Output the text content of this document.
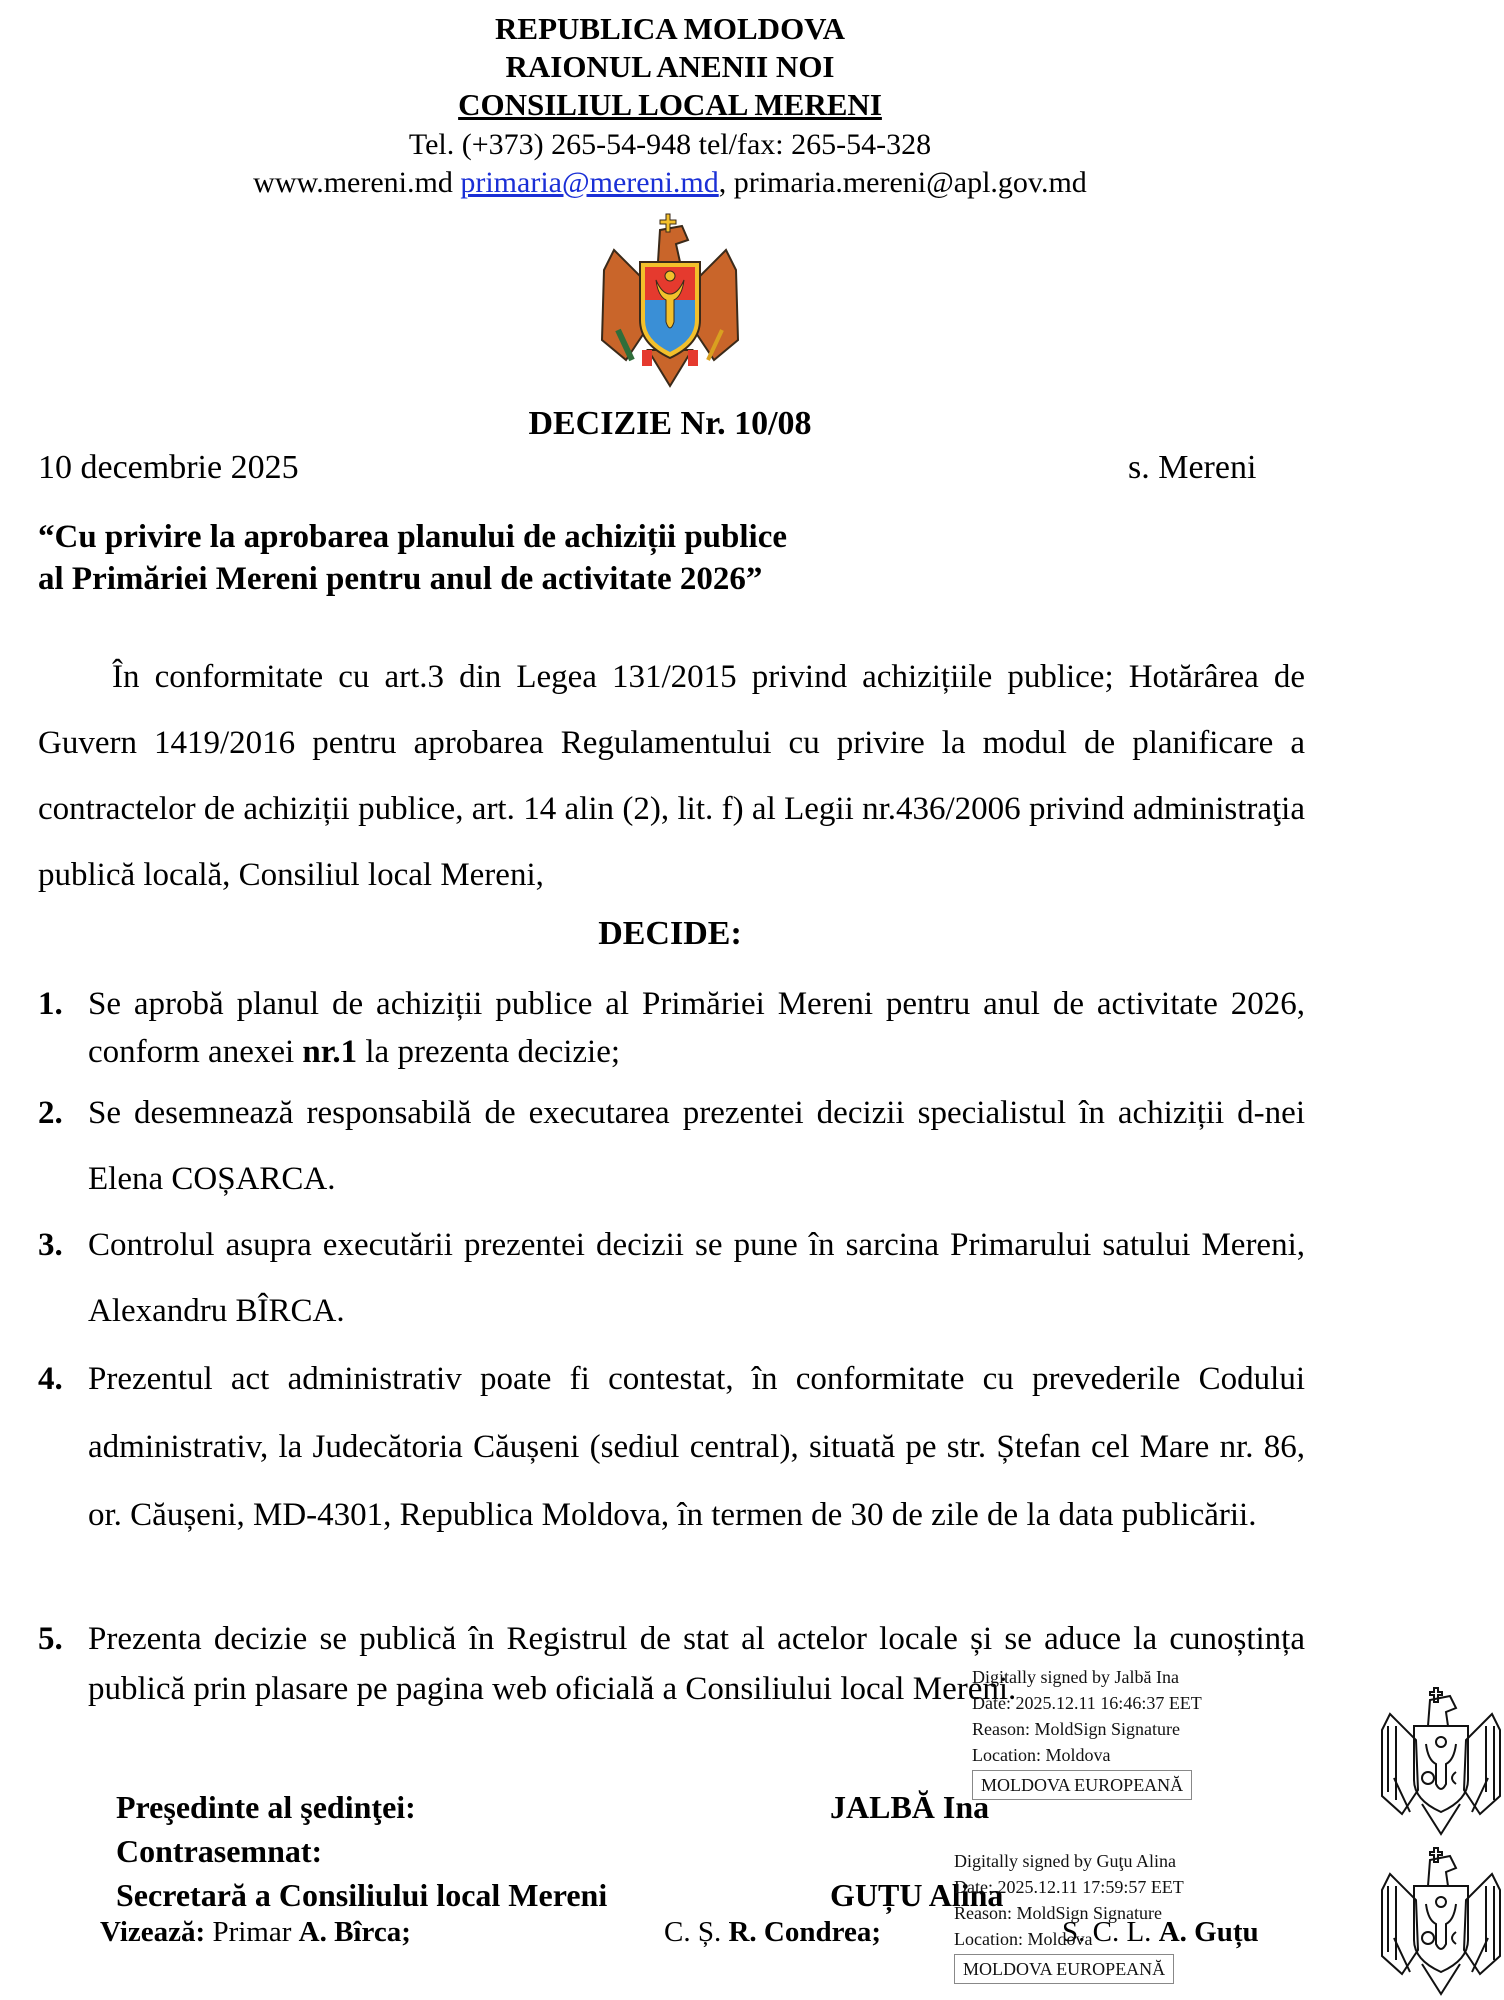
REPUBLICA MOLDOVA
RAIONUL ANENII NOI
CONSILIUL LOCAL MERENI
Tel. (+373) 265-54-948 tel/fax: 265-54-328
www.mereni.md primaria@mereni.md, primaria.mereni@apl.gov.md
DECIZIE Nr. 10/08
10 decembrie 2025	s. Mereni
“Cu privire la aprobarea planului de achiziții publice
al Primăriei Mereni pentru anul de activitate 2026”
În conformitate cu art.3 din Legea 131/2015 privind achizițiile publice; Hotărârea de Guvern 1419/2016 pentru aprobarea Regulamentului cu privire la modul de planificare a contractelor de achiziții publice, art. 14 alin (2), lit. f) al Legii nr.436/2006 privind administraţia publică locală, Consiliul local Mereni,
DECIDE:
1. Se aprobă planul de achiziții publice al Primăriei Mereni pentru anul de activitate 2026, conform anexei nr.1 la prezenta decizie;
2. Se desemnează responsabilă de executarea prezentei decizii specialistul în achiziții d-nei Elena COȘARCA.
3. Controlul asupra executării prezentei decizii se pune în sarcina Primarului satului Mereni, Alexandru BÎRCA.
4. Prezentul act administrativ poate fi contestat, în conformitate cu prevederile Codului administrativ, la Judecătoria Căușeni (sediul central), situată pe str. Ștefan cel Mare nr. 86, or. Căușeni, MD-4301, Republica Moldova, în termen de 30 de zile de la data publicării.
5. Prezenta decizie se publică în Registrul de stat al actelor locale și se aduce la cunoștința publică prin plasare pe pagina web oficială a Consiliului local Mereni.
Preşedinte al şedinţei:	JALBĂ Ina
Contrasemnat:
Secretară a Consiliului local Mereni	GUȚU Alina
Vizează: Primar A. Bîrca;	C. Ș. R. Condrea;	S. C. L. A. Guțu
Digitally signed by Jalbă Ina
Date: 2025.12.11 16:46:37 EET
Reason: MoldSign Signature
Location: Moldova
MOLDOVA EUROPEANĂ
Digitally signed by Guţu Alina
Date: 2025.12.11 17:59:57 EET
Reason: MoldSign Signature
Location: Moldova
MOLDOVA EUROPEANĂ
